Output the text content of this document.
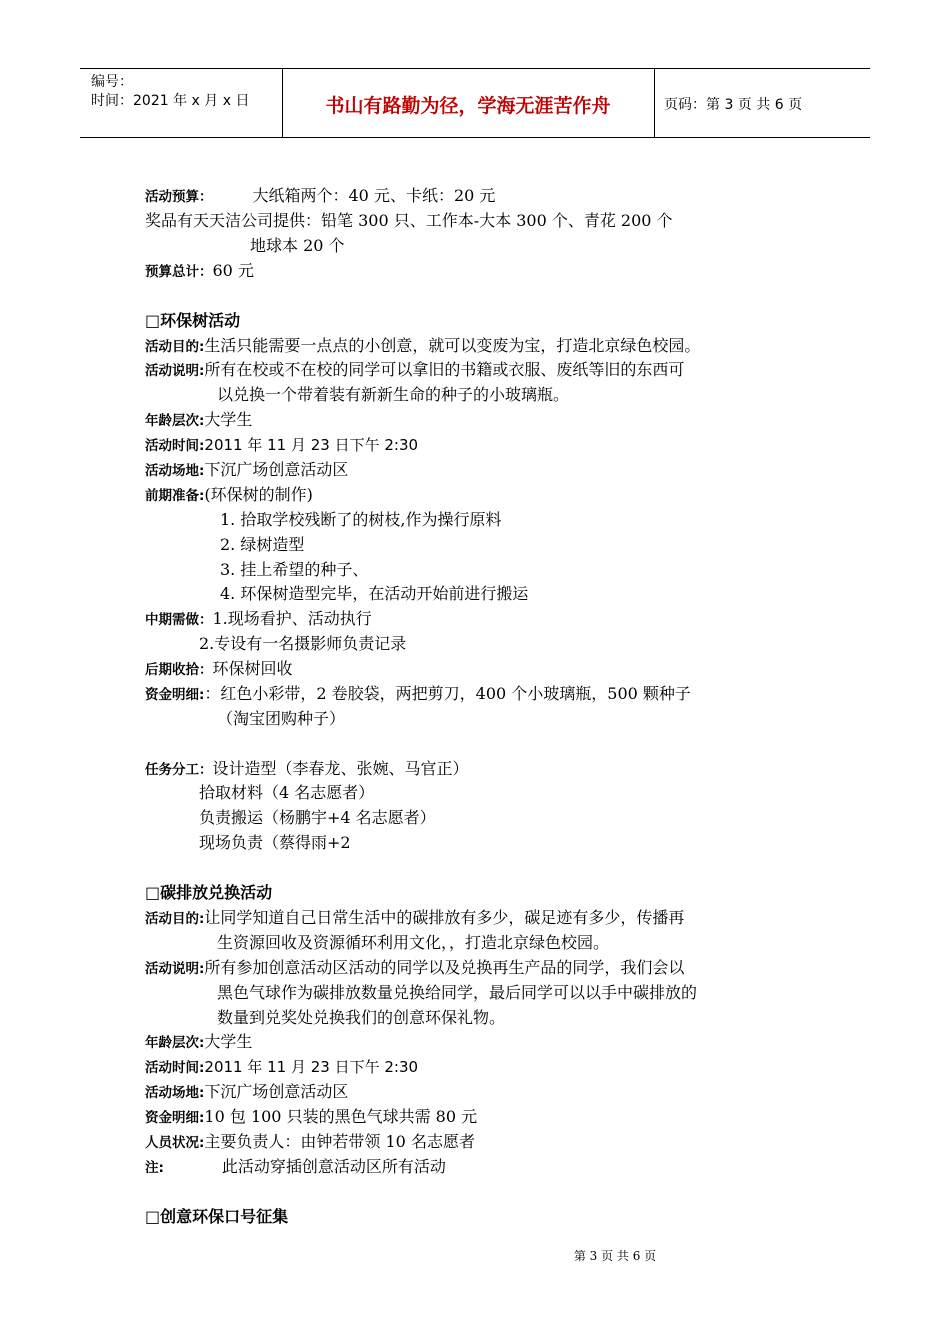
编号：
时间：2021 年 x 月 x 日	书山有路勤为径，学海无涯苦作舟	页码：第 3 页 共 6 页
活动预算：	大纸箱两个：40 元、卡纸：20 元
奖品有天天洁公司提供：铅笔 300 只、工作本-大本 300 个、青花 200 个
地球本 20 个
预算总计：60 元
□环保树活动
活动目的:生活只能需要一点点的小创意，就可以变废为宝，打造北京绿色校园。
活动说明:所有在校或不在校的同学可以拿旧的书籍或衣服、废纸等旧的东西可
以兑换一个带着装有新新生命的种子的小玻璃瓶。
年龄层次:大学生
活动时间:2011 年 11 月 23 日下午 2:30
活动场地:下沉广场创意活动区
前期准备:(环保树的制作)
1. 拾取学校残断了的树枝,作为操行原料
2. 绿树造型
3. 挂上希望的种子、
4. 环保树造型完毕，在活动开始前进行搬运
中期需做：1.现场看护、活动执行
2.专设有一名摄影师负责记录
后期收拾：环保树回收
资金明细:：红色小彩带，2 卷胶袋，两把剪刀，400 个小玻璃瓶，500 颗种子
（淘宝团购种子）
任务分工：设计造型（李春龙、张婉、马官正）
拾取材料（4 名志愿者）
负责搬运（杨鹏宇+4 名志愿者）
现场负责（蔡得雨+2
□碳排放兑换活动
活动目的:让同学知道自己日常生活中的碳排放有多少，碳足迹有多少，传播再
生资源回收及资源循环利用文化，，打造北京绿色校园。
活动说明:所有参加创意活动区活动的同学以及兑换再生产品的同学，我们会以
黑色气球作为碳排放数量兑换给同学，最后同学可以以手中碳排放的
数量到兑奖处兑换我们的创意环保礼物。
年龄层次:大学生
活动时间:2011 年 11 月 23 日下午 2:30
活动场地:下沉广场创意活动区
资金明细:10 包 100 只装的黑色气球共需 80 元
人员状况:主要负责人：由钟若带领 10 名志愿者
注:	此活动穿插创意活动区所有活动
□创意环保口号征集
第 3 页 共 6 页
